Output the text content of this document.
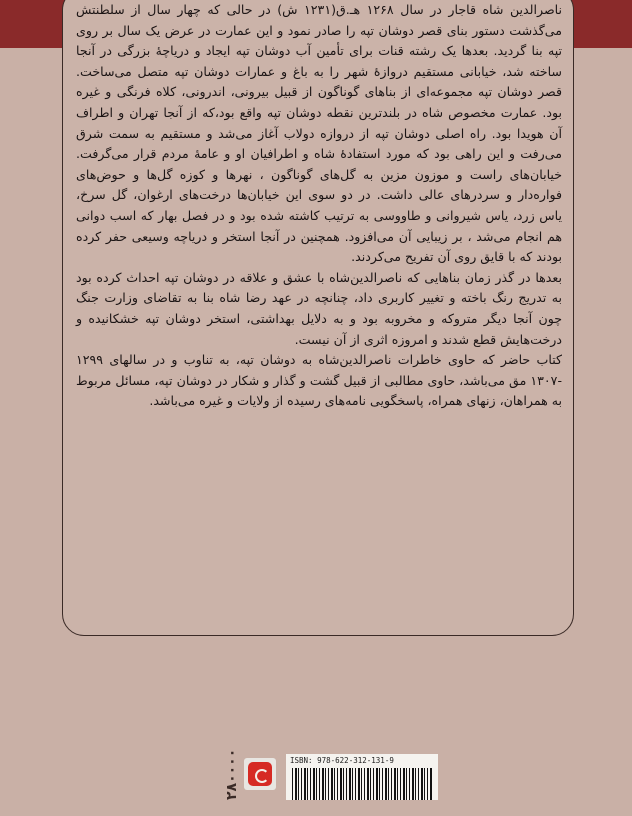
ناصرالدین شاه قاجار در سال ۱۲۶۸ هـ.ق(۱۲۳۱ ش) در حالی که چهار سال از سلطنتش می‌گذشت دستور بنای قصر دوشان تپه را صادر نمود و این عمارت در عرض یک سال بر روی تپه بنا گردید. بعدها یک رشته قنات برای تأمین آب دوشان تپه ایجاد و دریاچهٔ بزرگی در آنجا ساخته شد، خیابانی مستقیم دروازهٔ شهر را به باغ و عمارات دوشان تپه متصل می‌ساخت. قصر دوشان تپه مجموعه‌ای از بناهای گوناگون از قبیل بیرونی، اندرونی، کلاه فرنگی و غیره بود. عمارت مخصوص شاه در بلندترین نقطه دوشان تپه واقع بود،که از آنجا تهران و اطراف آن هویدا بود. راه اصلی دوشان تپه از دروازه دولاب آغاز می‌شد و مستقیم به سمت شرق می‌رفت و این راهی بود که مورد استفادهٔ شاه و اطرافیان او و عامهٔ مردم قرار می‌گرفت. خیابان‌های راست و موزون مزین به گل‌های گوناگون ، نهرها و کوزه گل‌ها و حوض‌های فواره‌دار و سردرهای عالی داشت. در دو سوی این خیابان‌ها درخت‌های ارغوان، گل سرخ، یاس زرد، یاس شیروانی و طاووسی به ترتیب کاشته شده بود و در فصل بهار که اسب دوانی هم انجام می‌شد ، بر زیبایی آن می‌افزود. همچنین در آنجا استخر و دریاچه وسیعی حفر کرده بودند که با قایق روی آن تفریح می‌کردند.

بعدها در گذر زمان بناهایی که ناصرالدین‌شاه با عشق و علاقه در دوشان تپه احداث کرده بود به تدریج رنگ باخته و تغییر کاربری داد، چنانچه در عهد رضا شاه بنا به تقاضای وزارت جنگ چون آنجا دیگر متروکه و مخروبه بود و به دلایل بهداشتی، استخر دوشان تپه خشکانیده و درخت‌هایش قطع شدند و امروزه اثری از آن نیست.

کتاب حاضر که حاوی خاطرات ناصرالدین‌شاه به دوشان تپه، به تناوب و در سالهای ۱۲۹۹ -۱۳۰۷ مق می‌باشد، حاوی مطالبی از قبیل گشت و گذار و شکار در دوشان تپه، مسائل مربوط به همراهان، زنهای همراه، پاسخگویی نامه‌های رسیده از ولایات و غیره می‌باشد.

ISBN: 978-622-312-131-9
۲۸۰۰۰۰
